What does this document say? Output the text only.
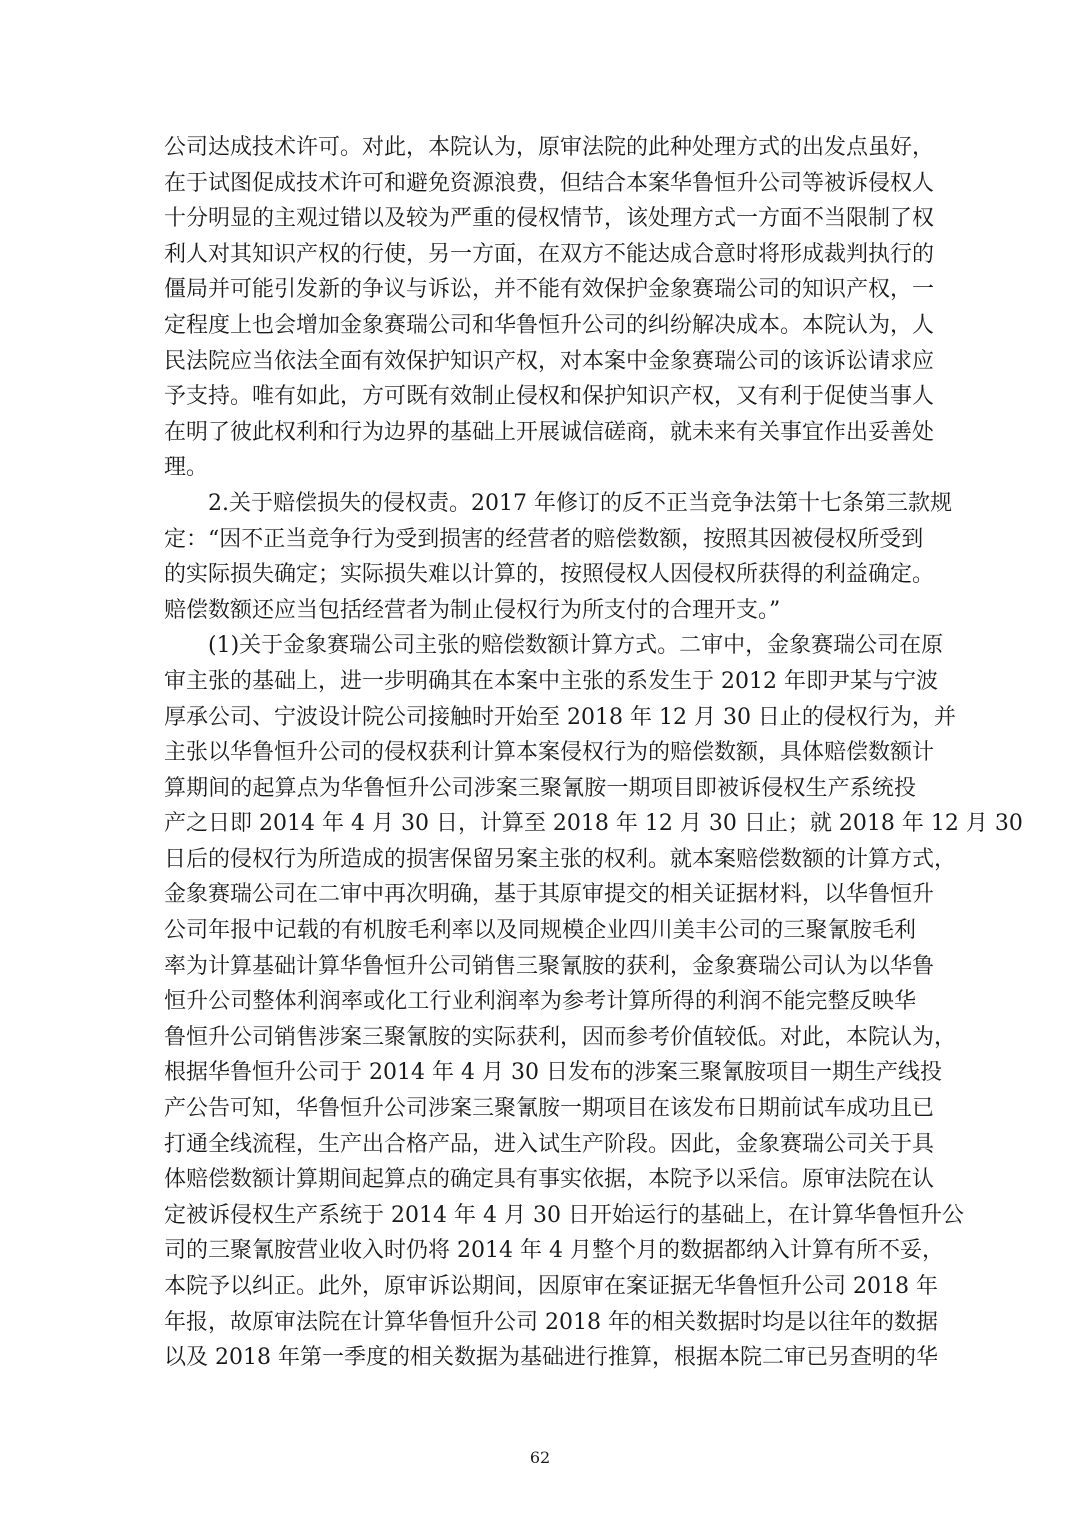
公司达成技术许可。对此，本院认为，原审法院的此种处理方式的出发点虽好，
在于试图促成技术许可和避免资源浪费，但结合本案华鲁恒升公司等被诉侵权人
十分明显的主观过错以及较为严重的侵权情节，该处理方式一方面不当限制了权
利人对其知识产权的行使，另一方面，在双方不能达成合意时将形成裁判执行的
僵局并可能引发新的争议与诉讼，并不能有效保护金象赛瑞公司的知识产权，一
定程度上也会增加金象赛瑞公司和华鲁恒升公司的纠纷解决成本。本院认为，人
民法院应当依法全面有效保护知识产权，对本案中金象赛瑞公司的该诉讼请求应
予支持。唯有如此，方可既有效制止侵权和保护知识产权，又有利于促使当事人
在明了彼此权利和行为边界的基础上开展诚信磋商，就未来有关事宜作出妥善处
理。
2.关于赔偿损失的侵权责。2017 年修订的反不正当竞争法第十七条第三款规
定：“因不正当竞争行为受到损害的经营者的赔偿数额，按照其因被侵权所受到
的实际损失确定；实际损失难以计算的，按照侵权人因侵权所获得的利益确定。
赔偿数额还应当包括经营者为制止侵权行为所支付的合理开支。”
(1)关于金象赛瑞公司主张的赔偿数额计算方式。二审中，金象赛瑞公司在原
审主张的基础上，进一步明确其在本案中主张的系发生于 2012 年即尹某与宁波
厚承公司、宁波设计院公司接触时开始至 2018 年 12 月 30 日止的侵权行为，并
主张以华鲁恒升公司的侵权获利计算本案侵权行为的赔偿数额，具体赔偿数额计
算期间的起算点为华鲁恒升公司涉案三聚氰胺一期项目即被诉侵权生产系统投
产之日即 2014 年 4 月 30 日，计算至 2018 年 12 月 30 日止；就 2018 年 12 月 30
日后的侵权行为所造成的损害保留另案主张的权利。就本案赔偿数额的计算方式，
金象赛瑞公司在二审中再次明确，基于其原审提交的相关证据材料，以华鲁恒升
公司年报中记载的有机胺毛利率以及同规模企业四川美丰公司的三聚氰胺毛利
率为计算基础计算华鲁恒升公司销售三聚氰胺的获利，金象赛瑞公司认为以华鲁
恒升公司整体利润率或化工行业利润率为参考计算所得的利润不能完整反映华
鲁恒升公司销售涉案三聚氰胺的实际获利，因而参考价值较低。对此，本院认为，
根据华鲁恒升公司于 2014 年 4 月 30 日发布的涉案三聚氰胺项目一期生产线投
产公告可知，华鲁恒升公司涉案三聚氰胺一期项目在该发布日期前试车成功且已
打通全线流程，生产出合格产品，进入试生产阶段。因此，金象赛瑞公司关于具
体赔偿数额计算期间起算点的确定具有事实依据，本院予以采信。原审法院在认
定被诉侵权生产系统于 2014 年 4 月 30 日开始运行的基础上，在计算华鲁恒升公
司的三聚氰胺营业收入时仍将 2014 年 4 月整个月的数据都纳入计算有所不妥，
本院予以纠正。此外，原审诉讼期间，因原审在案证据无华鲁恒升公司 2018 年
年报，故原审法院在计算华鲁恒升公司 2018 年的相关数据时均是以往年的数据
以及 2018 年第一季度的相关数据为基础进行推算，根据本院二审已另查明的华
62
